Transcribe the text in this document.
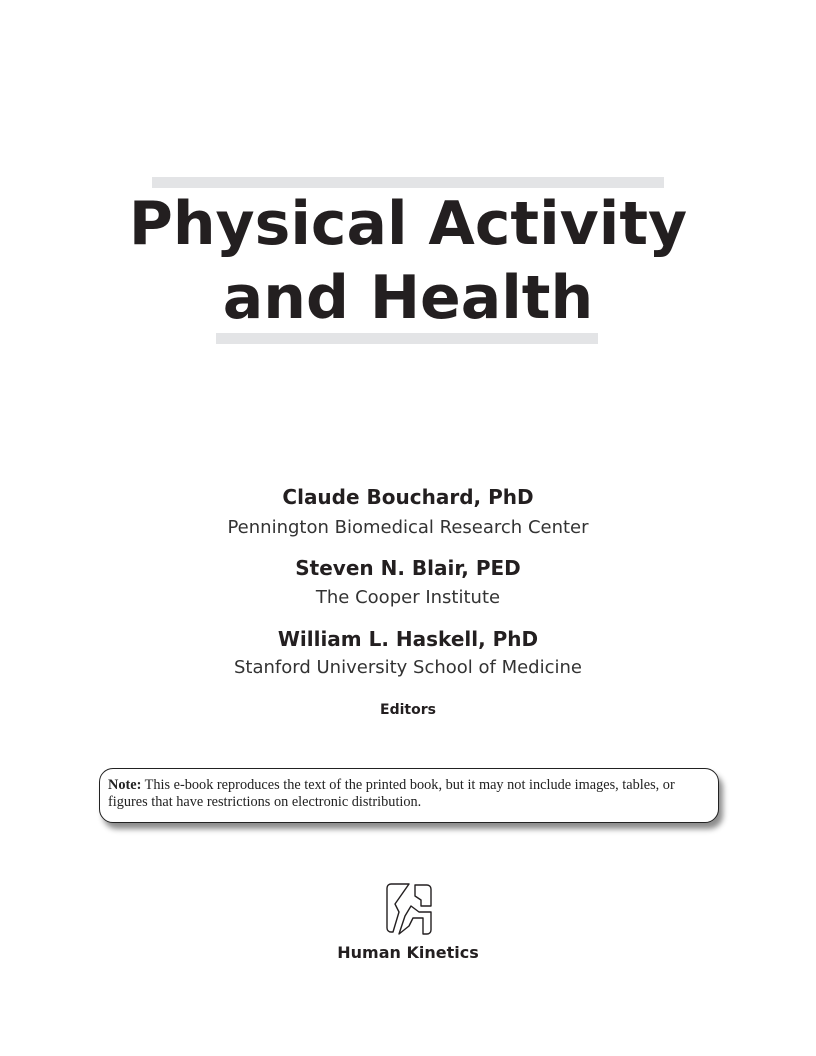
Physical Activity
and Health
Claude Bouchard, PhD
Pennington Biomedical Research Center
Steven N. Blair, PED
The Cooper Institute
William L. Haskell, PhD
Stanford University School of Medicine
Editors
Note: This e-book reproduces the text of the printed book, but it may not include images, tables, or figures that have restrictions on electronic distribution.
Human Kinetics
